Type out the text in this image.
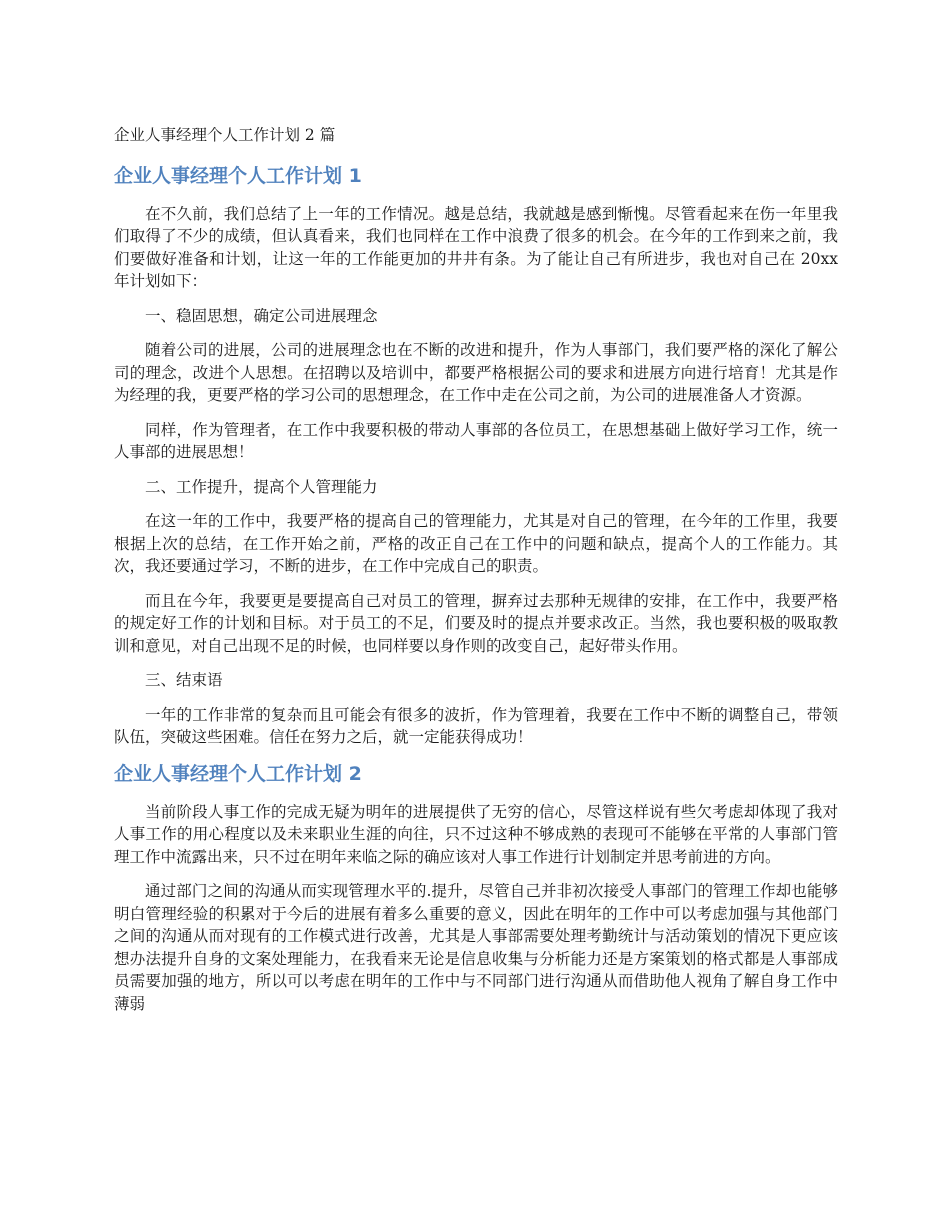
企业人事经理个人工作计划 2 篇
企业人事经理个人工作计划 1

在不久前，我们总结了上一年的工作情况。越是总结，我就越是感到惭愧。尽管看起来在伤一年里我们取得了不少的成绩，但认真看来，我们也同样在工作中浪费了很多的机会。在今年的工作到来之前，我们要做好准备和计划，让这一年的工作能更加的井井有条。为了能让自己有所进步，我也对自己在 20xx 年计划如下：

一、稳固思想，确定公司进展理念

随着公司的进展，公司的进展理念也在不断的改进和提升，作为人事部门，我们要严格的深化了解公司的理念，改进个人思想。在招聘以及培训中，都要严格根据公司的要求和进展方向进行培育！尤其是作为经理的我，更要严格的学习公司的思想理念，在工作中走在公司之前，为公司的进展准备人才资源。

同样，作为管理者，在工作中我要积极的带动人事部的各位员工，在思想基础上做好学习工作，统一人事部的进展思想！

二、工作提升，提高个人管理能力

在这一年的工作中，我要严格的提高自己的管理能力，尤其是对自己的管理，在今年的工作里，我要根据上次的总结，在工作开始之前，严格的改正自己在工作中的问题和缺点，提高个人的工作能力。其次，我还要通过学习，不断的进步，在工作中完成自己的职责。

而且在今年，我要更是要提高自己对员工的管理，摒弃过去那种无规律的安排，在工作中，我要严格的规定好工作的计划和目标。对于员工的不足，们要及时的提点并要求改正。当然，我也要积极的吸取教训和意见，对自己出现不足的时候，也同样要以身作则的改变自己，起好带头作用。

三、结束语

一年的工作非常的复杂而且可能会有很多的波折，作为管理着，我要在工作中不断的调整自己，带领队伍，突破这些困难。信任在努力之后，就一定能获得成功！

企业人事经理个人工作计划 2

当前阶段人事工作的完成无疑为明年的进展提供了无穷的信心，尽管这样说有些欠考虑却体现了我对人事工作的用心程度以及未来职业生涯的向往，只不过这种不够成熟的表现可不能够在平常的人事部门管理工作中流露出来，只不过在明年来临之际的确应该对人事工作进行计划制定并思考前进的方向。

通过部门之间的沟通从而实现管理水平的.提升，尽管自己并非初次接受人事部门的管理工作却也能够明白管理经验的积累对于今后的进展有着多么重要的意义，因此在明年的工作中可以考虑加强与其他部门之间的沟通从而对现有的工作模式进行改善，尤其是人事部需要处理考勤统计与活动策划的情况下更应该想办法提升自身的文案处理能力，在我看来无论是信息收集与分析能力还是方案策划的格式都是人事部成员需要加强的地方，所以可以考虑在明年的工作中与不同部门进行沟通从而借助他人视角了解自身工作中薄弱
